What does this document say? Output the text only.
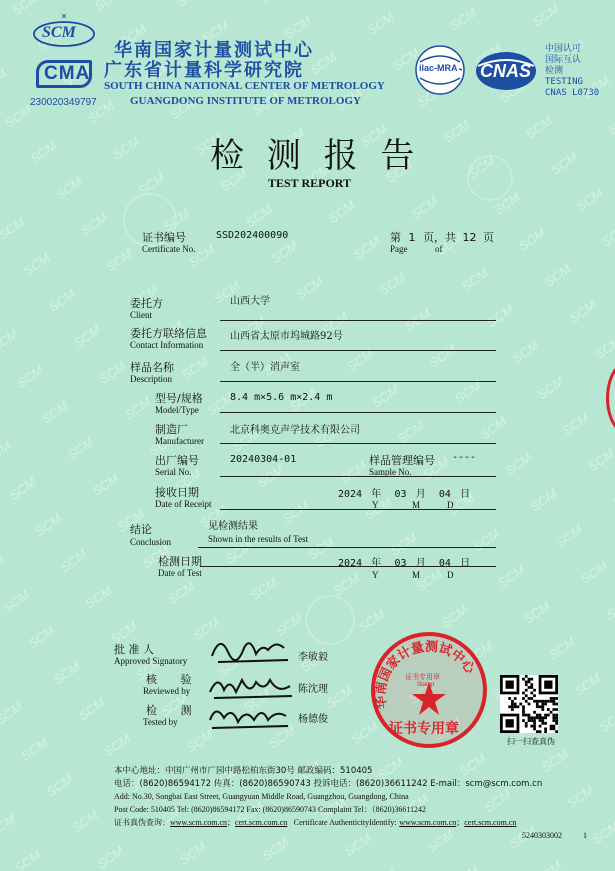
✕
SCM
CMA
230020349797
华南国家计量测试中心
广东省计量科学研究院
SOUTH CHINA NATIONAL CENTER OF METROLOGY
GUANGDONG INSTITUTE OF METROLOGY
ilac-MRA CNAS
中国认可
国际互认
检测
TESTING
CNAS L0730
检 测 报 告
TEST REPORT
证书编号
Certificate No.
SSD202400090	第 1 页，共 12 页
Page	of
委托方
Client
山西大学
委托方联络信息
Contact Information
山西省太原市坞城路92号
样品名称
Description
全（半）消声室
型号/规格
Model/Type
8.4 m×5.6 m×2.4 m
制造厂
Manufacturer
北京科奥克声学技术有限公司
出厂编号
Serial No.
20240304-01	样品管理编号
Sample No.
----
接收日期
Date of Receipt
2024 年 03 月 04 日
Y	M	D
结论
Conclusion
见检测结果
Shown in the results of Test
检测日期
Date of Test
2024 年 03 月 04 日
Y	M	D
批 准 人
Approved Signatory	李敏毅
核 验
Reviewed by	陈沈理
检 测
Tested by	杨德俊
华南国家计量测试中心
证书专用章
Stamp
证书专用章
扫一扫查真伪
本中心地址：中国广州市广园中路松柏东街30号 邮政编码：510405
电话：(8620)86594172 传真：(8620)86590743 投诉电话：(8620)36611242 E-mail：scm@scm.com.cn
Add: No.30, Songbai East Street, Guangyuan Middle Road, Guangzhou, Guangdong, China
Post Code: 510405 Tel: (8620)86594172 Fax: (8620)86590743 Complaint Tel：（8620)36611242
证书真伪查询：www.scm.com.cn；cert.scm.com.cn Certificate AuthenticityIdentify: www.scm.com.cn；cert.scm.com.cn
5240303002	1
